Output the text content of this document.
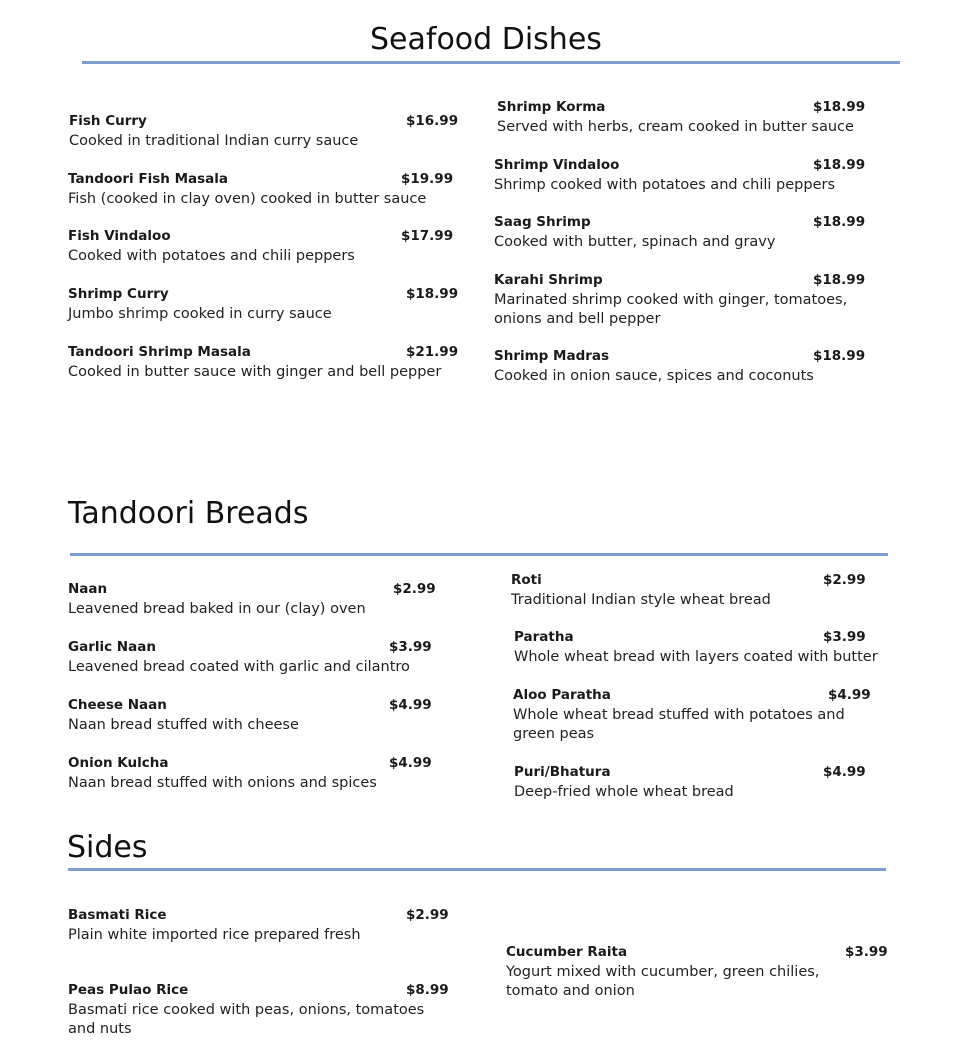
Seafood Dishes
Fish Curry	$16.99
Cooked in traditional Indian curry sauce
Tandoori Fish Masala	$19.99
Fish (cooked in clay oven) cooked in butter sauce
Fish Vindaloo	$17.99
Cooked with potatoes and chili peppers
Shrimp Curry	$18.99
Jumbo shrimp cooked in curry sauce
Tandoori Shrimp Masala	$21.99
Cooked in butter sauce with ginger and bell pepper
Shrimp Korma	$18.99
Served with herbs, cream cooked in butter sauce
Shrimp Vindaloo	$18.99
Shrimp cooked with potatoes and chili peppers
Saag Shrimp	$18.99
Cooked with butter, spinach and gravy
Karahi Shrimp	$18.99
Marinated shrimp cooked with ginger, tomatoes, onions and bell pepper
Shrimp Madras	$18.99
Cooked in onion sauce, spices and coconuts
Tandoori Breads
Naan	$2.99
Leavened bread baked in our (clay) oven
Garlic Naan	$3.99
Leavened bread coated with garlic and cilantro
Cheese Naan	$4.99
Naan bread stuffed with cheese
Onion Kulcha	$4.99
Naan bread stuffed with onions and spices
Roti	$2.99
Traditional Indian style wheat bread
Paratha	$3.99
Whole wheat bread with layers coated with butter
Aloo Paratha	$4.99
Whole wheat bread stuffed with potatoes and green peas
Puri/Bhatura	$4.99
Deep-fried whole wheat bread
Sides
Basmati Rice	$2.99
Plain white imported rice prepared fresh
Peas Pulao Rice	$8.99
Basmati rice cooked with peas, onions, tomatoes and nuts
Cucumber Raita	$3.99
Yogurt mixed with cucumber, green chilies, tomato and onion
